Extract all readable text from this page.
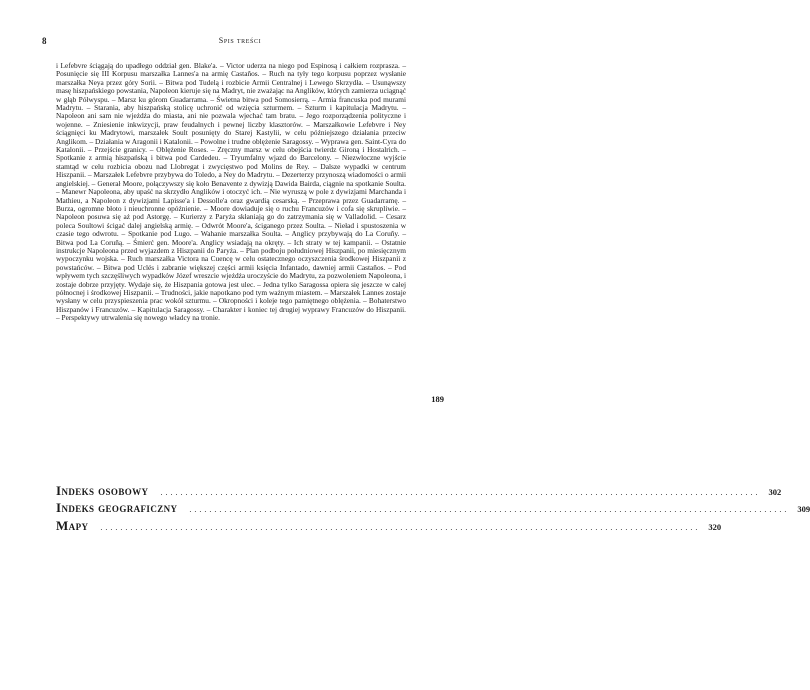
8	Spis treści
i Lefebvre ściągają do upadłego oddział gen. Blake'a. – Victor uderza na niego pod Espinosą i całkiem rozprasza. – Posunięcie się III Korpusu marszałka Lannes'a na armię Castaños. – Ruch na tyły tego korpusu poprzez wysłanie marszałka Neya przez góry Sorii. – Bitwa pod Tudelą i rozbicie Armii Centralnej i Lewego Skrzydła. – Usunąwszy masę hiszpańskiego powstania, Napoleon kieruje się na Madryt, nie zważając na Anglików, których zamierza uciągnąć w głąb Półwyspu. – Marsz ku górom Guadarrama. – Świetna bitwa pod Somosierrą. – Armia francuska pod murami Madrytu. – Starania, aby hiszpańską stolicę uchronić od wzięcia szturmem. – Szturm i kapitulacja Madrytu. – Napoleon ani sam nie wjeżdża do miasta, ani nie pozwala wjechać tam bratu. – Jego rozporządzenia polityczne i wojenne. – Zniesienie inkwizycji, praw feudalnych i pewnej liczby klasztorów. – Marszałkowie Lefebvre i Ney ściągnięci ku Madrytowi, marszałek Soult posunięty do Starej Kastylii, w celu późniejszego działania przeciw Anglikom. – Działania w Aragonii i Katalonii. – Powolne i trudne oblężenie Saragossy. – Wyprawa gen. Saint-Cyra do Katalonii. – Przejście granicy. – Oblężenie Roses. – Zręczny marsz w celu obejścia twierdz Gironą i Hostalrich. – Spotkanie z armią hiszpańską i bitwa pod Cardedeu. – Tryumfalny wjazd do Barcelony. – Niezwłoczne wyjście stamtąd w celu rozbicia obozu nad Llobregat i zwycięstwo pod Molins de Rey. – Dalsze wypadki w centrum Hiszpanii. – Marszałek Lefebvre przybywa do Toledo, a Ney do Madrytu. – Dezerterzy przynoszą wiadomości o armii angielskiej. – Generał Moore, połączywszy się koło Benavente z dywizją Dawida Bairda, ciągnie na spotkanie Soulta. – Manewr Napoleona, aby upaść na skrzydło Anglików i otoczyć ich. – Nie wyruszą w pole z dywizjami Marchanda i Mathieu, a Napoleon z dywizjami Lapisse'a i Dessolle'a oraz gwardią cesarską. – Przeprawa przez Guadarramę. – Burza, ogromne błoto i nieuchronne opóźnienie. – Moore dowiaduje się o ruchu Francuzów i cofa się skrupliwie. – Napoleon posuwa się aż pod Astorgę. – Kurierzy z Paryża skłaniają go do zatrzymania się w Valladolid. – Cesarz poleca Soultowi ścigać dalej angielską armię. – Odwrót Moore'a, ściganego przez Soulta. – Nieład i spustoszenia w czasie tego odwrotu. – Spotkanie pod Lugo. – Wahanie marszałka Soulta. – Anglicy przybywają do La Coruñy. – Bitwa pod La Coruñą. – Śmierć gen. Moore'a. Anglicy wsiadają na okręty. – Ich straty w tej kampanii. – Ostatnie instrukcje Napoleona przed wyjazdem z Hiszpanii do Paryża. – Plan podboju południowej Hiszpanii, po miesięcznym wypoczynku wojska. – Ruch marszałka Victora na Cuencę w celu ostatecznego oczyszczenia środkowej Hiszpanii z powstańców. – Bitwa pod Uclés i zabranie większej części armii księcia Infantado, dawniej armii Castaños. – Pod wpływem tych szczęśliwych wypadków Józef wreszcie wjeżdża uroczyście do Madrytu, za pozwoleniem Napoleona, i zostaje dobrze przyjęty. Wydaje się, że Hiszpania gotowa jest ulec. – Jedna tylko Saragossa opiera się jeszcze w całej północnej i środkowej Hiszpanii. – Trudności, jakie napotkano pod tym ważnym miastem. – Marszałek Lannes zostaje wysłany w celu przyspieszenia prac wokół szturmu. – Okropności i koleje tego pamiętnego oblężenia. – Bohaterstwo Hiszpanów i Francuzów. – Kapitulacja Saragossy. – Charakter i koniec tej drugiej wyprawy Francuzów do Hiszpanii. – Perspektywy utrwalenia się nowego władcy na tronie.
189
Indeks osobowy ........................................................................................................................ 302
Indeks geograficzny ........................................................................................................................ 309
Mapy ........................................................................................................................ 320
